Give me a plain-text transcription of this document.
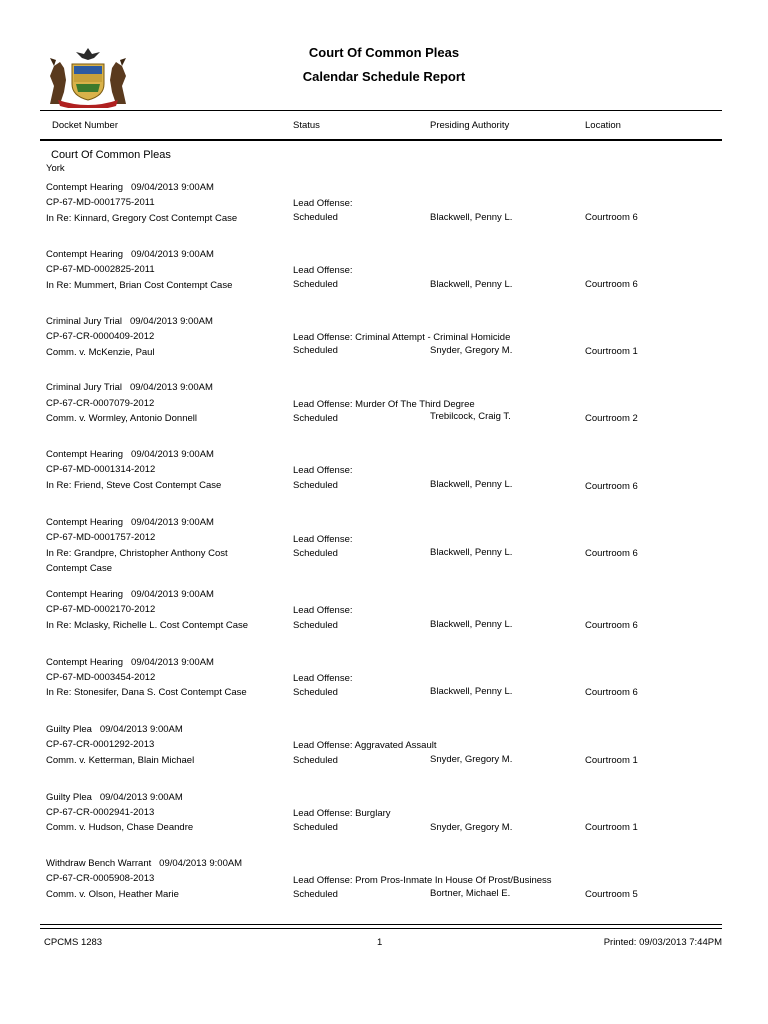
Court Of Common Pleas
Calendar Schedule Report
Docket Number	Status	Presiding Authority	Location
Court Of Common Pleas
York
Contempt Hearing 09/04/2013 9:00AM
CP-67-MD-0001775-2011
In Re: Kinnard, Gregory Cost Contempt Case
Lead Offense:
Scheduled	Blackwell, Penny L.	Courtroom 6
Contempt Hearing 09/04/2013 9:00AM
CP-67-MD-0002825-2011
In Re: Mummert, Brian Cost Contempt Case
Lead Offense:
Scheduled	Blackwell, Penny L.	Courtroom 6
Criminal Jury Trial 09/04/2013 9:00AM
CP-67-CR-0000409-2012
Comm. v. McKenzie, Paul
Lead Offense: Criminal Attempt - Criminal Homicide
Scheduled	Snyder, Gregory M.	Courtroom 1
Criminal Jury Trial 09/04/2013 9:00AM
CP-67-CR-0007079-2012
Comm. v. Wormley, Antonio Donnell
Lead Offense: Murder Of The Third Degree
Scheduled	Trebilcock, Craig T.	Courtroom 2
Contempt Hearing 09/04/2013 9:00AM
CP-67-MD-0001314-2012
In Re: Friend, Steve Cost Contempt Case
Lead Offense:
Scheduled	Blackwell, Penny L.	Courtroom 6
Contempt Hearing 09/04/2013 9:00AM
CP-67-MD-0001757-2012
In Re: Grandpre, Christopher Anthony Cost
Contempt Case
Lead Offense:
Scheduled	Blackwell, Penny L.	Courtroom 6
Contempt Hearing 09/04/2013 9:00AM
CP-67-MD-0002170-2012
In Re: Mclasky, Richelle L. Cost Contempt Case
Lead Offense:
Scheduled	Blackwell, Penny L.	Courtroom 6
Contempt Hearing 09/04/2013 9:00AM
CP-67-MD-0003454-2012
In Re: Stonesifer, Dana S. Cost Contempt Case
Lead Offense:
Scheduled	Blackwell, Penny L.	Courtroom 6
Guilty Plea 09/04/2013 9:00AM
CP-67-CR-0001292-2013
Comm. v. Ketterman, Blain Michael
Lead Offense: Aggravated Assault
Scheduled	Snyder, Gregory M.	Courtroom 1
Guilty Plea 09/04/2013 9:00AM
CP-67-CR-0002941-2013
Comm. v. Hudson, Chase Deandre
Lead Offense: Burglary
Scheduled	Snyder, Gregory M.	Courtroom 1
Withdraw Bench Warrant 09/04/2013 9:00AM
CP-67-CR-0005908-2013
Comm. v. Olson, Heather Marie
Lead Offense: Prom Pros-Inmate In House Of Prost/Business
Scheduled	Bortner, Michael E.	Courtroom 5
CPCMS 1283	1	Printed: 09/03/2013 7:44PM
